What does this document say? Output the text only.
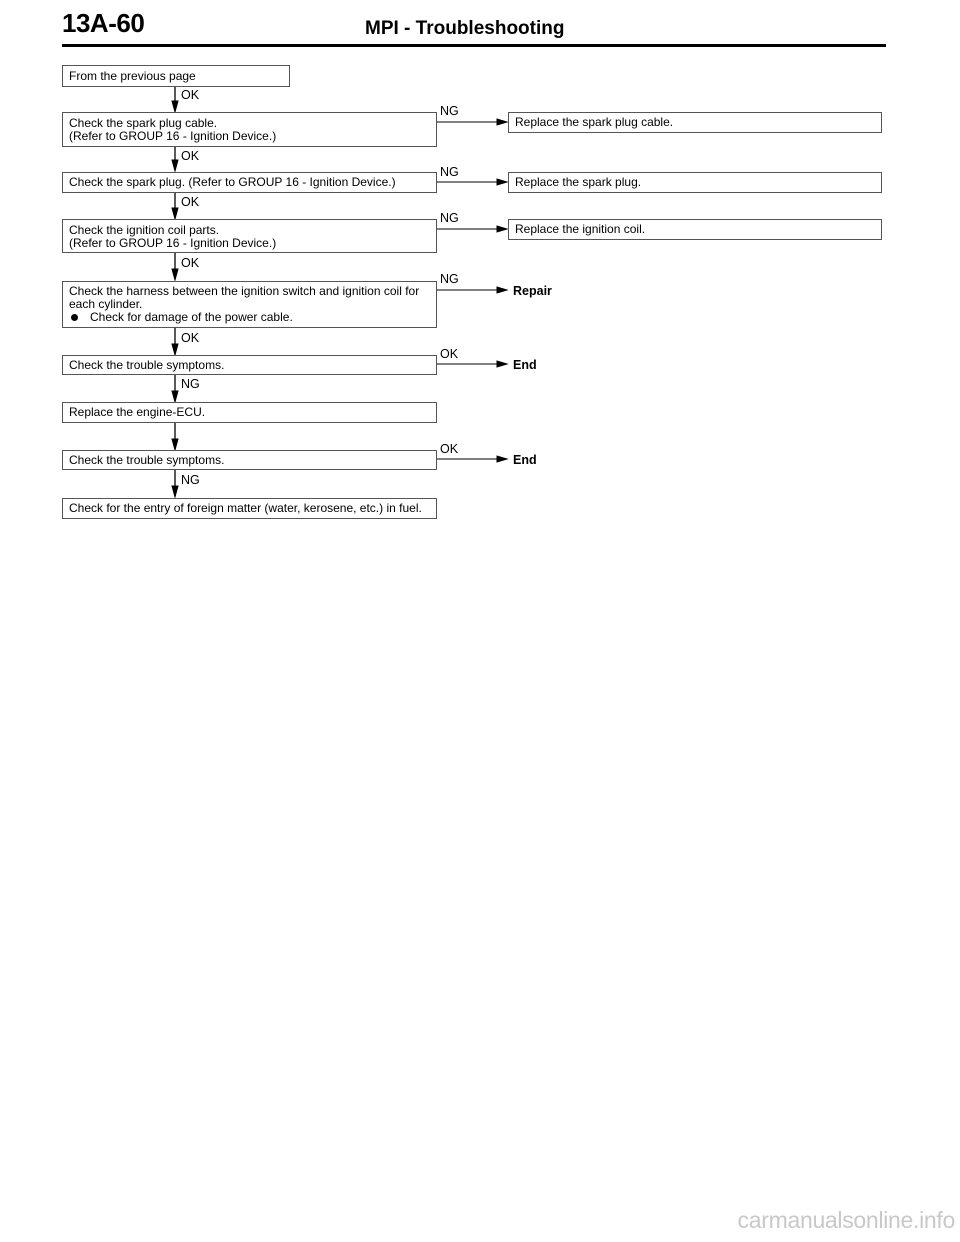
13A-60	MPI - Troubleshooting
From the previous page
Check the spark plug cable.
(Refer to GROUP 16 - Ignition Device.)
Replace the spark plug cable.
Check the spark plug. (Refer to GROUP 16 - Ignition Device.)	Replace the spark plug.
Check the ignition coil parts.
(Refer to GROUP 16 - Ignition Device.)
Replace the ignition coil.
Check the harness between the ignition switch and ignition coil for
each cylinder.
Check for damage of the power cable.
Repair
Check the trouble symptoms.	End
Replace the engine-ECU.
Check the trouble symptoms.	End
Check for the entry of foreign matter (water, kerosene, etc.) in fuel.
OK
NG
OK
NG
OK
NG
OK
NG
OK
OK
NG
OK
NG
carmanualsonline.info
